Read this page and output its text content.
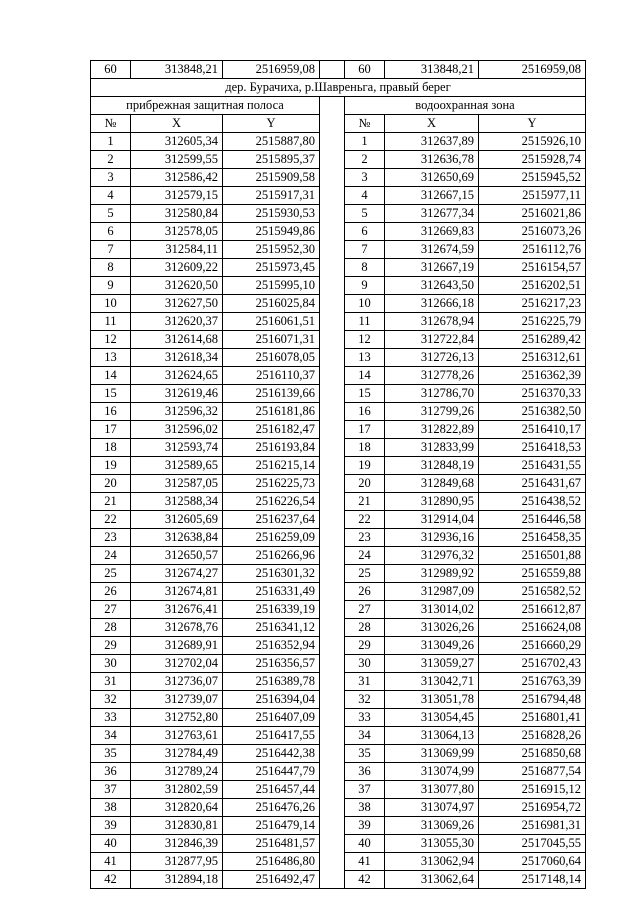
60	313848,21	2516959,08		60	313848,21	2516959,08
дер. Бурачиха, р.Шавреньга, правый берег						
прибрежная защитная полоса				водоохранная зона		
№	X	Y		№	X	Y
1	312605,34	2515887,80		1	312637,89	2515926,10
2	312599,55	2515895,37		2	312636,78	2515928,74
3	312586,42	2515909,58		3	312650,69	2515945,52
4	312579,15	2515917,31		4	312667,15	2515977,11
5	312580,84	2515930,53		5	312677,34	2516021,86
6	312578,05	2515949,86		6	312669,83	2516073,26
7	312584,11	2515952,30		7	312674,59	2516112,76
8	312609,22	2515973,45		8	312667,19	2516154,57
9	312620,50	2515995,10		9	312643,50	2516202,51
10	312627,50	2516025,84		10	312666,18	2516217,23
11	312620,37	2516061,51		11	312678,94	2516225,79
12	312614,68	2516071,31		12	312722,84	2516289,42
13	312618,34	2516078,05		13	312726,13	2516312,61
14	312624,65	2516110,37		14	312778,26	2516362,39
15	312619,46	2516139,66		15	312786,70	2516370,33
16	312596,32	2516181,86		16	312799,26	2516382,50
17	312596,02	2516182,47		17	312822,89	2516410,17
18	312593,74	2516193,84		18	312833,99	2516418,53
19	312589,65	2516215,14		19	312848,19	2516431,55
20	312587,05	2516225,73		20	312849,68	2516431,67
21	312588,34	2516226,54		21	312890,95	2516438,52
22	312605,69	2516237,64		22	312914,04	2516446,58
23	312638,84	2516259,09		23	312936,16	2516458,35
24	312650,57	2516266,96		24	312976,32	2516501,88
25	312674,27	2516301,32		25	312989,92	2516559,88
26	312674,81	2516331,49		26	312987,09	2516582,52
27	312676,41	2516339,19		27	313014,02	2516612,87
28	312678,76	2516341,12		28	313026,26	2516624,08
29	312689,91	2516352,94		29	313049,26	2516660,29
30	312702,04	2516356,57		30	313059,27	2516702,43
31	312736,07	2516389,78		31	313042,71	2516763,39
32	312739,07	2516394,04		32	313051,78	2516794,48
33	312752,80	2516407,09		33	313054,45	2516801,41
34	312763,61	2516417,55		34	313064,13	2516828,26
35	312784,49	2516442,38		35	313069,99	2516850,68
36	312789,24	2516447,79		36	313074,99	2516877,54
37	312802,59	2516457,44		37	313077,80	2516915,12
38	312820,64	2516476,26		38	313074,97	2516954,72
39	312830,81	2516479,14		39	313069,26	2516981,31
40	312846,39	2516481,57		40	313055,30	2517045,55
41	312877,95	2516486,80		41	313062,94	2517060,64
42	312894,18	2516492,47		42	313062,64	2517148,14
